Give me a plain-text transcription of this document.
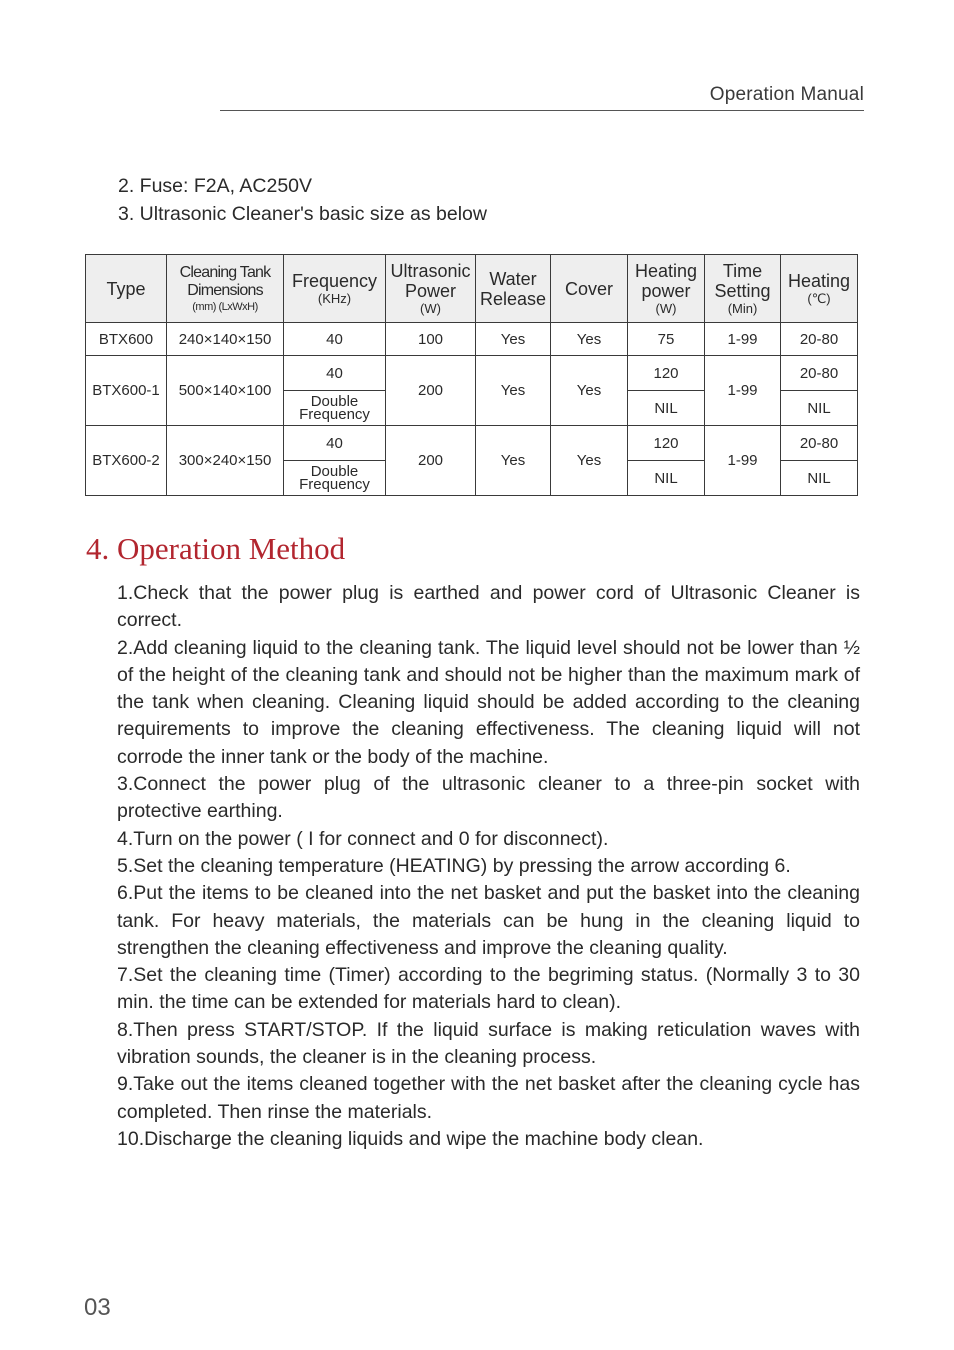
Operation Manual
2. Fuse: F2A, AC250V
3. Ultrasonic Cleaner's basic size as below
Type	Cleaning Tank
Dimensions
(mm) (LxWxH)	Frequency
(KHz)	Ultrasonic
Power
(W)	Water
Release	Cover	Heating
power
(W)	Time
Setting
(Min)	Heating
(℃)

BTX600	240×140×150	40	100	Yes	Yes	75	1-99	20-80
BTX600-1	500×140×100	40	200	Yes	Yes	120	1-99	20-80
		Double Frequency				NIL		NIL
BTX600-2	300×240×150	40	200	Yes	Yes	120	1-99	20-80
		Double Frequency				NIL		NIL
4. Operation Method
1.Check that the power plug is earthed and power cord of Ultrasonic Cleaner is correct.
2.Add cleaning liquid to the cleaning tank. The liquid level should not be lower than ½ of the height of the cleaning tank and should not be higher than the maximum mark of the tank when cleaning. Cleaning liquid should be added according to the cleaning requirements to improve the cleaning effectiveness. The cleaning liquid will not corrode the inner tank or the body of the machine.
3.Connect the power plug of the ultrasonic cleaner to a three-pin socket with protective earthing.
4.Turn on the power ( I for connect and 0 for disconnect).
5.Set the cleaning temperature (HEATING) by pressing the arrow according 6.
6.Put the items to be cleaned into the net basket and put the basket into the cleaning tank. For heavy materials, the materials can be hung in the cleaning liquid to strengthen the cleaning effectiveness and improve the cleaning quality.
7.Set the cleaning time (Timer) according to the begriming status. (Normally 3 to 30 min. the time can be extended for materials hard to clean).
8.Then press START/STOP. If the liquid surface is making reticulation waves with vibration sounds, the cleaner is in the cleaning process.
9.Take out the items cleaned together with the net basket after the cleaning cycle has completed. Then rinse the materials.
10.Discharge the cleaning liquids and wipe the machine body clean.
03
